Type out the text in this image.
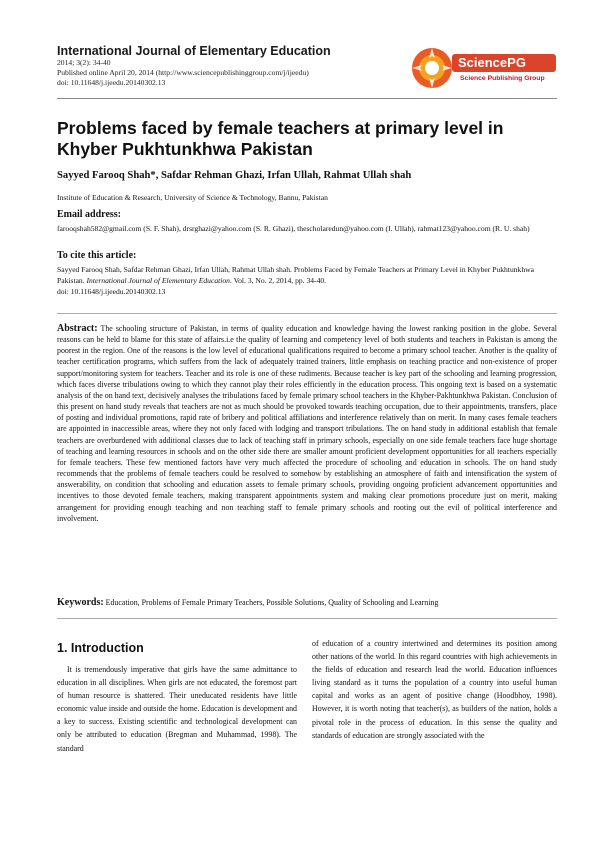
International Journal of Elementary Education
2014; 3(2): 34-40
Published online April 20, 2014 (http://www.sciencepublishinggroup.com/j/ijeedu)
doi: 10.11648/j.ijeedu.20140302.13
SciencePG
Science Publishing Group
Problems faced by female teachers at primary level in Khyber Pukhtunkhwa Pakistan
Sayyed Farooq Shah*, Safdar Rehman Ghazi, Irfan Ullah, Rahmat Ullah shah
Institute of Education & Research, University of Science & Technology, Bannu, Pakistan
Email address:
farooqshah582@gmail.com (S. F. Shah), drsrghazi@yahoo.com (S. R. Ghazi), thescholaredun@yahoo.com (I. Ullah), rahmat123@yahoo.com (R. U. shah)
To cite this article:
Sayyed Farooq Shah, Safdar Rehman Ghazi, Irfan Ullah, Rahmat Ullah shah. Problems Faced by Female Teachers at Primary Level in Khyber Pukhtunkhwa Pakistan. International Journal of Elementary Education. Vol. 3, No. 2, 2014, pp. 34-40.
doi: 10.11648/j.ijeedu.20140302.13
Abstract: The schooling structure of Pakistan, in terms of quality education and knowledge having the lowest ranking position in the globe. Several reasons can be held to blame for this state of affairs.i.e the quality of learning and competency level of both students and teachers in Pakistan is among the poorest in the region. One of the reasons is the low level of educational qualifications required to become a primary school teacher. Another is the quality of teacher certification programs, which suffers from the lack of adequately trained trainers, little emphasis on teaching practice and non-existence of proper support/monitoring system for teachers. Teacher and its role is one of these rudiments. Because teacher is key part of the schooling and learning progression, which faces diverse tribulations owing to which they cannot play their roles efficiently in the education process. This ongoing text is based on a systematic analysis of the on hand text, decisively analyses the tribulations faced by female primary school teachers in the Khyber-Pakhtunkhwa Pakistan. Conclusion of this present on hand study reveals that teachers are not as much should be provoked towards teaching occupation, due to their appointments, transfers, place of posting and individual promotions, rapid rate of bribery and political affiliations and interference relatively than on merit. In many cases female teachers are appointed in inaccessible areas, where they not only faced with lodging and transport tribulations. The on hand study in additional establish that female teachers are overburdened with additional classes due to lack of teaching staff in primary schools, especially on one side female teachers face huge shortage of teaching and learning resources in schools and on the other side there are smaller amount proficient development opportunities for all teachers especially for female teachers. These few mentioned factors have very much affected the procedure of schooling and education in schools. The on hand study recommends that the problems of female teachers could be resolved to somehow by establishing an atmosphere of faith and intensification the system of answerability, on condition that schooling and education assets to female primary schools, providing ongoing proficient advancement opportunities and incentives to those devoted female teachers, making transparent appointments system and making clear promotions procedure just on merit, making arrangement for providing enough teaching and non teaching staff to female primary schools and rooting out the evil of political interference and involvement.
Keywords: Education, Problems of Female Primary Teachers, Possible Solutions, Quality of Schooling and Learning
1. Introduction
It is tremendously imperative that girls have the same admittance to education in all disciplines. When girls are not educated, the foremost part of human resource is shattered. Their uneducated residents have little economic value inside and outside the home. Education is development and a key to success. Existing scientific and technological development can only be attributed to education (Bregman and Muhammad, 1998). The standard
of education of a country intertwined and determines its position among other nations of the world. In this regard countries with high achievements in the fields of education and research lead the world. Education influences living standard as it turns the population of a country into useful human capital and works as an agent of positive change (Hoodbhoy, 1998). However, it is worth noting that teacher(s), as builders of the nation, holds a pivotal role in the process of education. In this sense the quality and standards of education are strongly associated with the
